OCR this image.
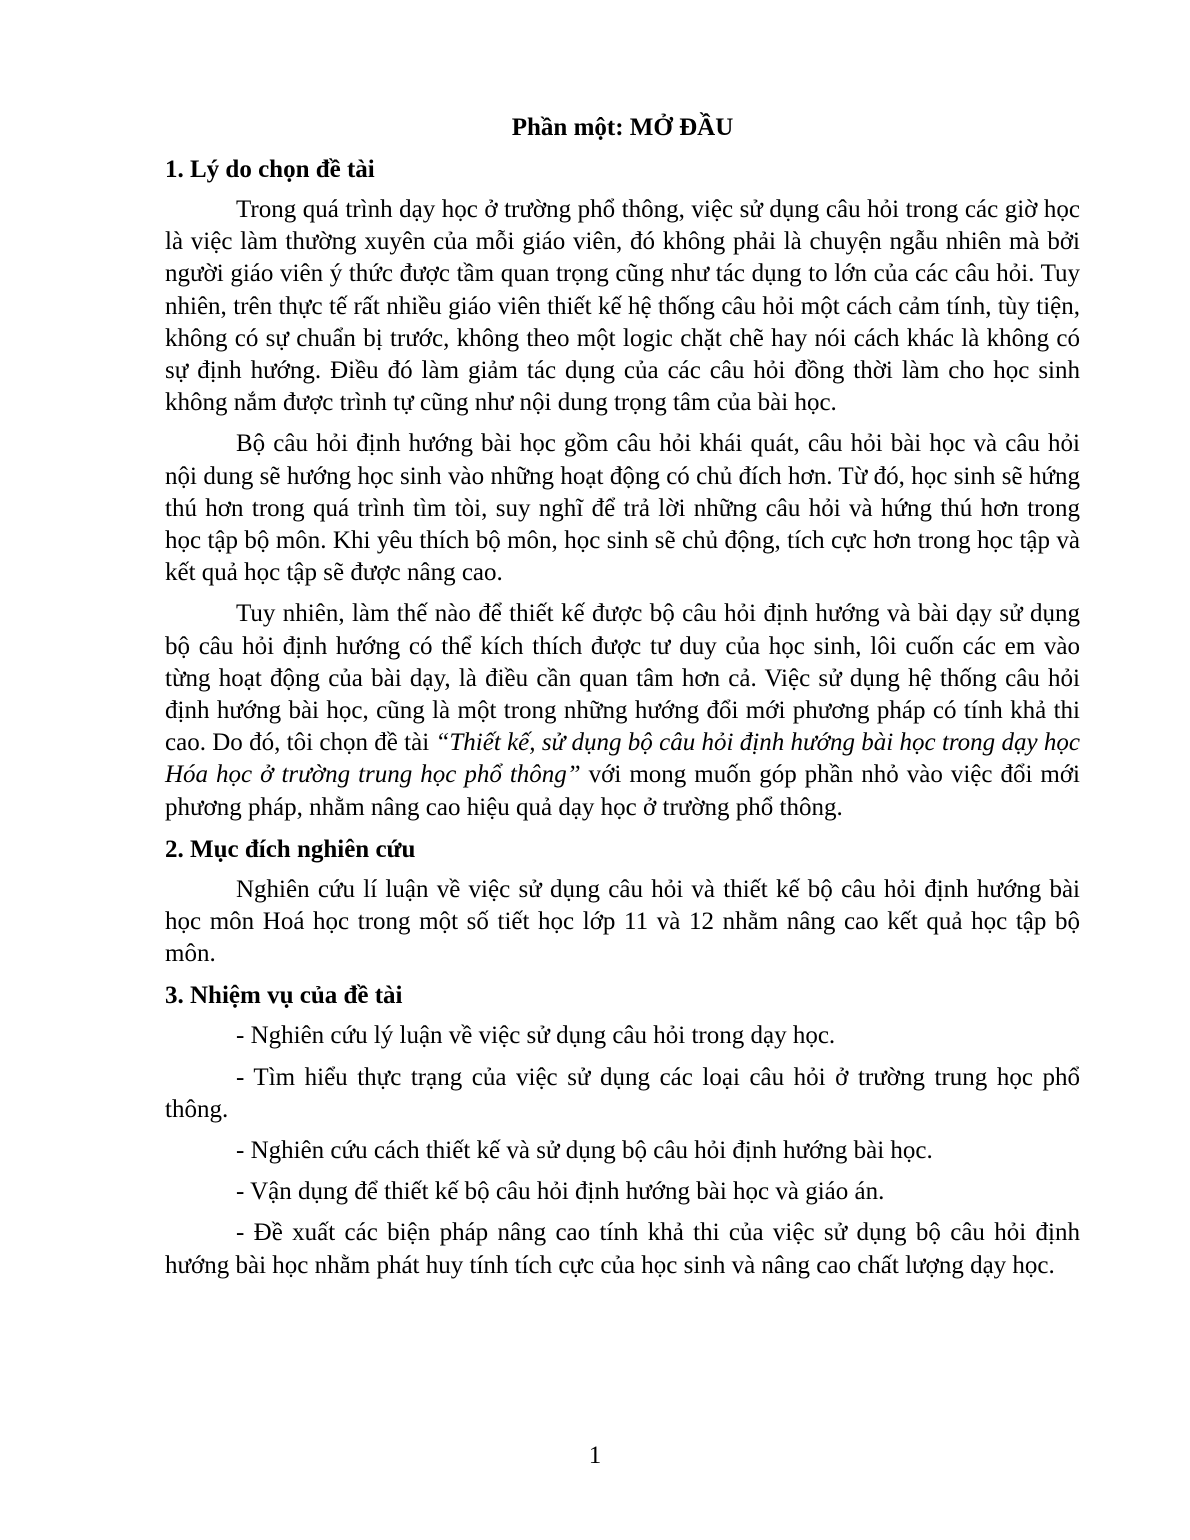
Phần một: MỞ ĐẦU
1. Lý do chọn đề tài

Trong quá trình dạy học ở trường phổ thông, việc sử dụng câu hỏi trong các giờ học là việc làm thường xuyên của mỗi giáo viên, đó không phải là chuyện ngẫu nhiên mà bởi người giáo viên ý thức được tầm quan trọng cũng như tác dụng to lớn của các câu hỏi. Tuy nhiên, trên thực tế rất nhiều giáo viên thiết kế hệ thống câu hỏi một cách cảm tính, tùy tiện, không có sự chuẩn bị trước, không theo một logic chặt chẽ hay nói cách khác là không có sự định hướng. Điều đó làm giảm tác dụng của các câu hỏi đồng thời làm cho học sinh không nắm được trình tự cũng như nội dung trọng tâm của bài học.

Bộ câu hỏi định hướng bài học gồm câu hỏi khái quát, câu hỏi bài học và câu hỏi nội dung sẽ hướng học sinh vào những hoạt động có chủ đích hơn. Từ đó, học sinh sẽ hứng thú hơn trong quá trình tìm tòi, suy nghĩ để trả lời những câu hỏi và hứng thú hơn trong học tập bộ môn. Khi yêu thích bộ môn, học sinh sẽ chủ động, tích cực hơn trong học tập và kết quả học tập sẽ được nâng cao.

Tuy nhiên, làm thế nào để thiết kế được bộ câu hỏi định hướng và bài dạy sử dụng bộ câu hỏi định hướng có thể kích thích được tư duy của học sinh, lôi cuốn các em vào từng hoạt động của bài dạy, là điều cần quan tâm hơn cả. Việc sử dụng hệ thống câu hỏi định hướng bài học, cũng là một trong những hướng đổi mới phương pháp có tính khả thi cao. Do đó, tôi chọn đề tài “Thiết kế, sử dụng bộ câu hỏi định hướng bài học trong dạy học Hóa học ở trường trung học phổ thông” với mong muốn góp phần nhỏ vào việc đổi mới phương pháp, nhằm nâng cao hiệu quả dạy học ở trường phổ thông.

2. Mục đích nghiên cứu

Nghiên cứu lí luận về việc sử dụng câu hỏi và thiết kế bộ câu hỏi định hướng bài học môn Hoá học trong một số tiết học lớp 11 và 12 nhằm nâng cao kết quả học tập bộ môn.

3. Nhiệm vụ của đề tài

- Nghiên cứu lý luận về việc sử dụng câu hỏi trong dạy học.

- Tìm hiểu thực trạng của việc sử dụng các loại câu hỏi ở trường trung học phổ thông.

- Nghiên cứu cách thiết kế và sử dụng bộ câu hỏi định hướng bài học.

- Vận dụng để thiết kế bộ câu hỏi định hướng bài học và giáo án.

- Đề xuất các biện pháp nâng cao tính khả thi của việc sử dụng bộ câu hỏi định hướng bài học nhằm phát huy tính tích cực của học sinh và nâng cao chất lượng dạy học.

1
